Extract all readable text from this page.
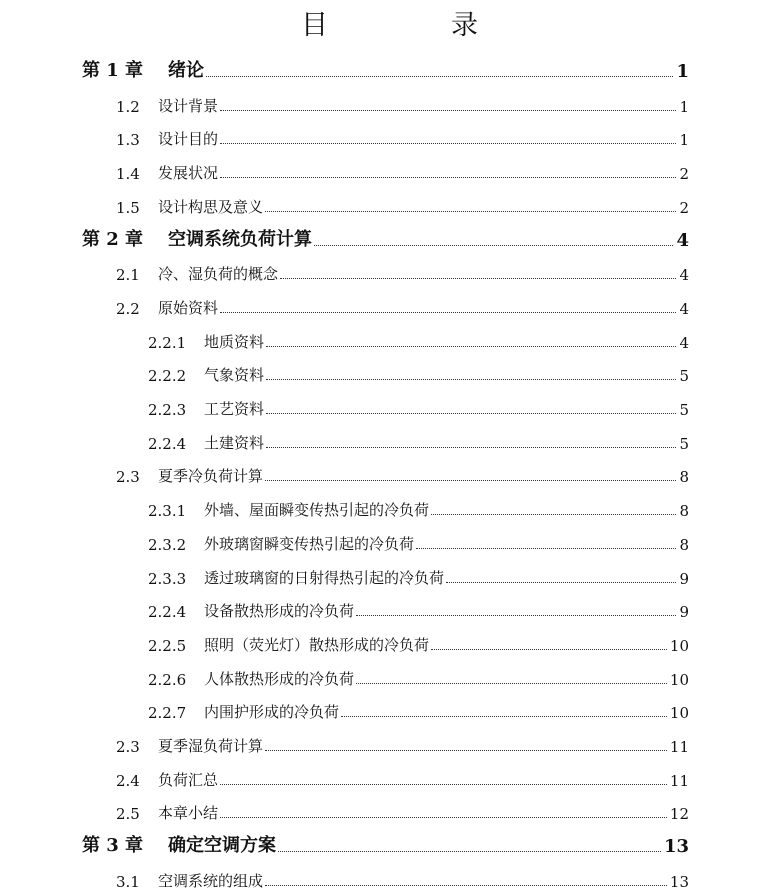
目　录
第 1 章	绪论	1
1.2	设计背景	1
1.3	设计目的	1
1.4	发展状况	2
1.5	设计构思及意义	2
第 2 章	空调系统负荷计算	4
2.1	冷、湿负荷的概念	4
2.2	原始资料	4
2.2.1	地质资料	4
2.2.2	气象资料	5
2.2.3	工艺资料	5
2.2.4	土建资料	5
2.3	夏季冷负荷计算	8
2.3.1	外墙、屋面瞬变传热引起的冷负荷	8
2.3.2	外玻璃窗瞬变传热引起的冷负荷	8
2.3.3	透过玻璃窗的日射得热引起的冷负荷	9
2.2.4	设备散热形成的冷负荷	9
2.2.5	照明（荧光灯）散热形成的冷负荷	10
2.2.6	人体散热形成的冷负荷	10
2.2.7	内围护形成的冷负荷	10
2.3	夏季湿负荷计算	11
2.4	负荷汇总	11
2.5	本章小结	12
第 3 章	确定空调方案	13
3.1	空调系统的组成	13
